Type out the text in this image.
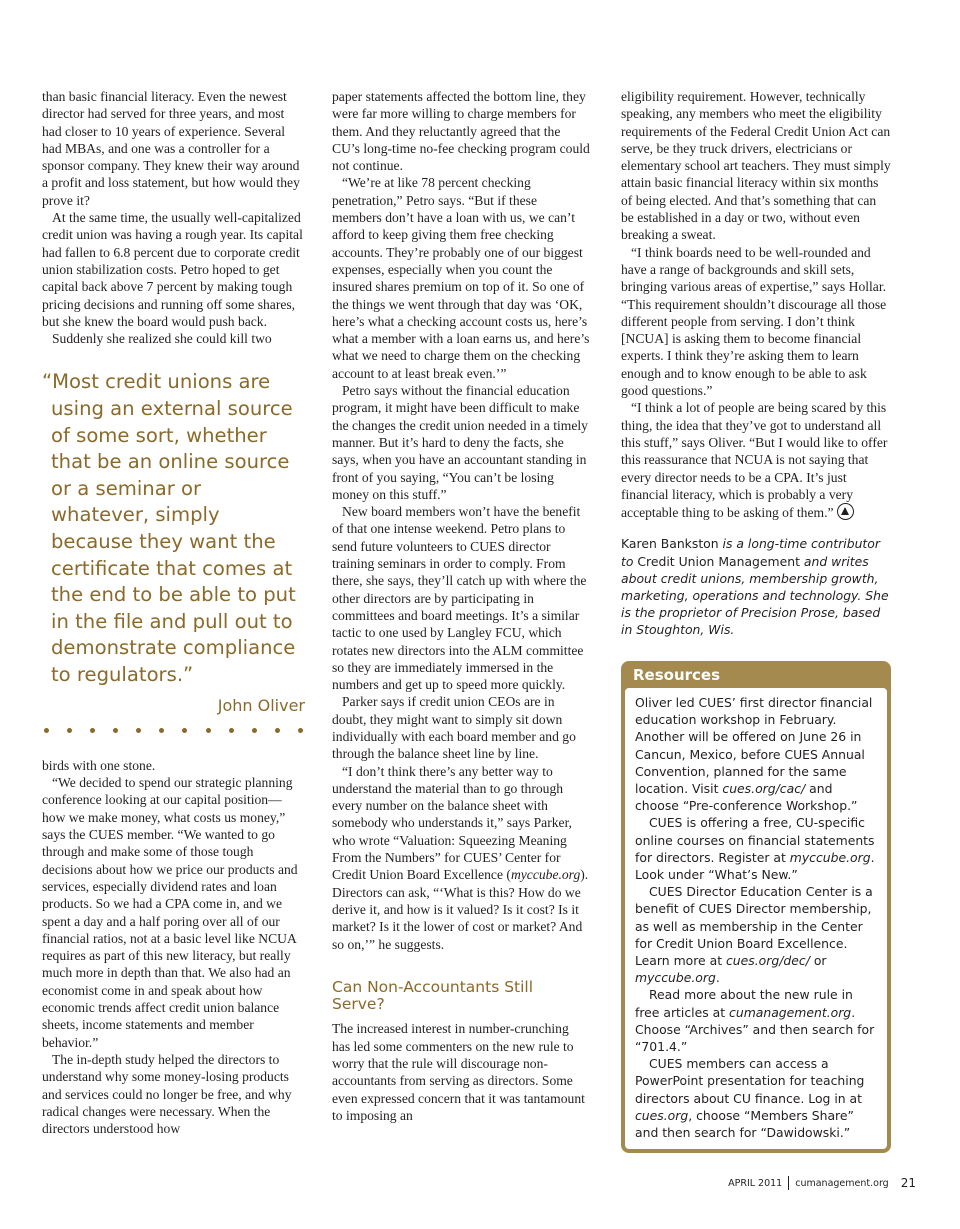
than basic financial literacy. Even the newest director had served for three years, and most had closer to 10 years of experience. Several had MBAs, and one was a controller for a sponsor company. They knew their way around a profit and loss statement, but how would they prove it?

At the same time, the usually well-capitalized credit union was having a rough year. Its capital had fallen to 6.8 percent due to corporate credit union stabilization costs. Petro hoped to get capital back above 7 percent by making tough pricing decisions and running off some shares, but she knew the board would push back.

Suddenly she realized she could kill two

“Most credit unions are using an external source of some sort, whether that be an online source or a seminar or whatever, simply because they want the certificate that comes at the end to be able to put in the file and pull out to demonstrate compliance to regulators.”
John Oliver

birds with one stone.

“We decided to spend our strategic planning conference looking at our capital position—how we make money, what costs us money,” says the CUES member. “We wanted to go through and make some of those tough decisions about how we price our products and services, especially dividend rates and loan products. So we had a CPA come in, and we spent a day and a half poring over all of our financial ratios, not at a basic level like NCUA requires as part of this new literacy, but really much more in depth than that. We also had an economist come in and speak about how economic trends affect credit union balance sheets, income statements and member behavior.”

The in-depth study helped the directors to understand why some money-losing products and services could no longer be free, and why radical changes were necessary. When the directors understood how

paper statements affected the bottom line, they were far more willing to charge members for them. And they reluctantly agreed that the CU’s long-time no-fee checking program could not continue.

“We’re at like 78 percent checking penetration,” Petro says. “But if these members don’t have a loan with us, we can’t afford to keep giving them free checking accounts. They’re probably one of our biggest expenses, especially when you count the insured shares premium on top of it. So one of the things we went through that day was ‘OK, here’s what a checking account costs us, here’s what a member with a loan earns us, and here’s what we need to charge them on the checking account to at least break even.’”

Petro says without the financial education program, it might have been difficult to make the changes the credit union needed in a timely manner. But it’s hard to deny the facts, she says, when you have an accountant standing in front of you saying, “You can’t be losing money on this stuff.”

New board members won’t have the benefit of that one intense weekend. Petro plans to send future volunteers to CUES director training seminars in order to comply. From there, she says, they’ll catch up with where the other directors are by participating in committees and board meetings. It’s a similar tactic to one used by Langley FCU, which rotates new directors into the ALM committee so they are immediately immersed in the numbers and get up to speed more quickly.

Parker says if credit union CEOs are in doubt, they might want to simply sit down individually with each board member and go through the balance sheet line by line.

“I don’t think there’s any better way to understand the material than to go through every number on the balance sheet with somebody who understands it,” says Parker, who wrote “Valuation: Squeezing Meaning From the Numbers” for CUES’ Center for Credit Union Board Excellence (myccube.org). Directors can ask, “‘What is this? How do we derive it, and how is it valued? Is it cost? Is it market? Is it the lower of cost or market? And so on,’” he suggests.

Can Non-Accountants Still Serve?

The increased interest in number-crunching has led some commenters on the new rule to worry that the rule will discourage non-accountants from serving as directors. Some even expressed concern that it was tantamount to imposing an

eligibility requirement. However, technically speaking, any members who meet the eligibility requirements of the Federal Credit Union Act can serve, be they truck drivers, electricians or elementary school art teachers. They must simply attain basic financial literacy within six months of being elected. And that’s something that can be established in a day or two, without even breaking a sweat.

“I think boards need to be well-rounded and have a range of backgrounds and skill sets, bringing various areas of expertise,” says Hollar. “This requirement shouldn’t discourage all those different people from serving. I don’t think [NCUA] is asking them to become financial experts. I think they’re asking them to learn enough and to know enough to be able to ask good questions.”

“I think a lot of people are being scared by this thing, the idea that they’ve got to understand all this stuff,” says Oliver. “But I would like to offer this reassurance that NCUA is not saying that every director needs to be a CPA. It’s just financial literacy, which is probably a very acceptable thing to be asking of them.”

Karen Bankston is a long-time contributor to Credit Union Management and writes about credit unions, membership growth, marketing, operations and technology. She is the proprietor of Precision Prose, based in Stoughton, Wis.
Resources

Oliver led CUES’ first director financial education workshop in February. Another will be offered on June 26 in Cancun, Mexico, before CUES Annual Convention, planned for the same location. Visit cues.org/cac/ and choose “Pre-conference Workshop.”

CUES is offering a free, CU-specific online courses on financial statements for directors. Register at myccube.org. Look under “What’s New.”

CUES Director Education Center is a benefit of CUES Director membership, as well as membership in the Center for Credit Union Board Excellence. Learn more at cues.org/dec/ or myccube.org.

Read more about the new rule in free articles at cumanagement.org. Choose “Archives” and then search for “701.4.”

CUES members can access a PowerPoint presentation for teaching directors about CU finance. Log in at cues.org, choose “Members Share” and then search for “Dawidowski.”

APRIL 2011 cumanagement.org 21
